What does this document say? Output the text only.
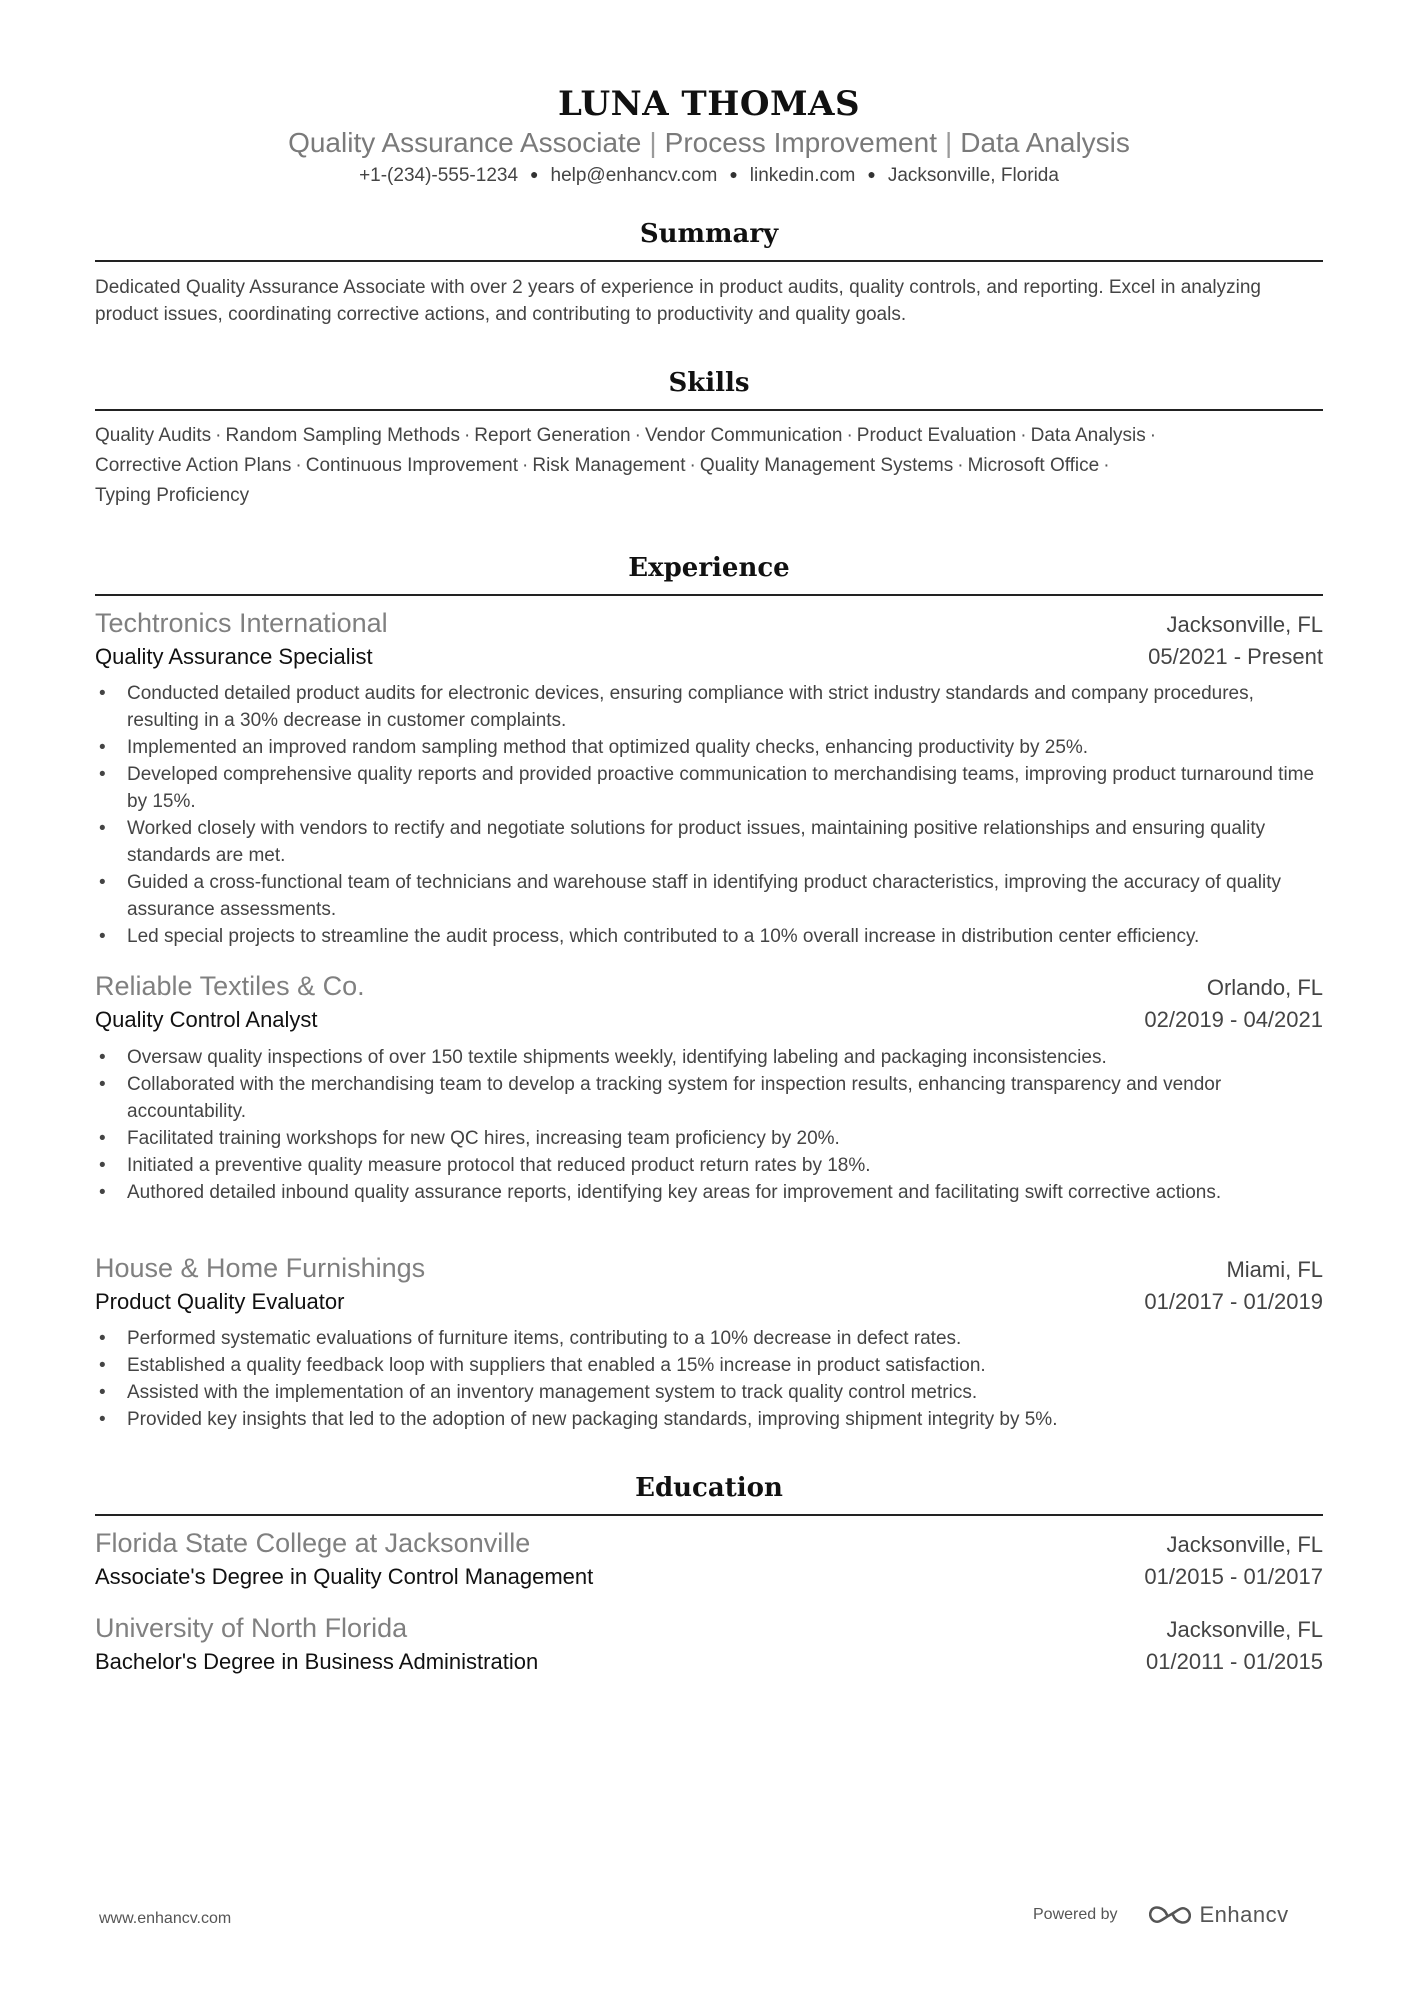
LUNA THOMAS
Quality Assurance Associate | Process Improvement | Data Analysis
+1-(234)-555-1234 ● help@enhancv.com ● linkedin.com ● Jacksonville, Florida
Summary
Dedicated Quality Assurance Associate with over 2 years of experience in product audits, quality controls, and reporting. Excel in analyzing product issues, coordinating corrective actions, and contributing to productivity and quality goals.
Skills
Quality Audits · Random Sampling Methods · Report Generation · Vendor Communication · Product Evaluation · Data Analysis ·
Corrective Action Plans · Continuous Improvement · Risk Management · Quality Management Systems · Microsoft Office ·
Typing Proficiency
Experience
Techtronics International	Jacksonville, FL
Quality Assurance Specialist	05/2021 - Present
• Conducted detailed product audits for electronic devices, ensuring compliance with strict industry standards and company procedures, resulting in a 30% decrease in customer complaints.
• Implemented an improved random sampling method that optimized quality checks, enhancing productivity by 25%.
• Developed comprehensive quality reports and provided proactive communication to merchandising teams, improving product turnaround time by 15%.
• Worked closely with vendors to rectify and negotiate solutions for product issues, maintaining positive relationships and ensuring quality standards are met.
• Guided a cross-functional team of technicians and warehouse staff in identifying product characteristics, improving the accuracy of quality assurance assessments.
• Led special projects to streamline the audit process, which contributed to a 10% overall increase in distribution center efficiency.
Reliable Textiles & Co.	Orlando, FL
Quality Control Analyst	02/2019 - 04/2021
• Oversaw quality inspections of over 150 textile shipments weekly, identifying labeling and packaging inconsistencies.
• Collaborated with the merchandising team to develop a tracking system for inspection results, enhancing transparency and vendor accountability.
• Facilitated training workshops for new QC hires, increasing team proficiency by 20%.
• Initiated a preventive quality measure protocol that reduced product return rates by 18%.
• Authored detailed inbound quality assurance reports, identifying key areas for improvement and facilitating swift corrective actions.
House & Home Furnishings	Miami, FL
Product Quality Evaluator	01/2017 - 01/2019
• Performed systematic evaluations of furniture items, contributing to a 10% decrease in defect rates.
• Established a quality feedback loop with suppliers that enabled a 15% increase in product satisfaction.
• Assisted with the implementation of an inventory management system to track quality control metrics.
• Provided key insights that led to the adoption of new packaging standards, improving shipment integrity by 5%.
Education
Florida State College at Jacksonville	Jacksonville, FL
Associate's Degree in Quality Control Management	01/2015 - 01/2017
University of North Florida	Jacksonville, FL
Bachelor's Degree in Business Administration	01/2011 - 01/2015
www.enhancv.com	Powered by	Enhancv
